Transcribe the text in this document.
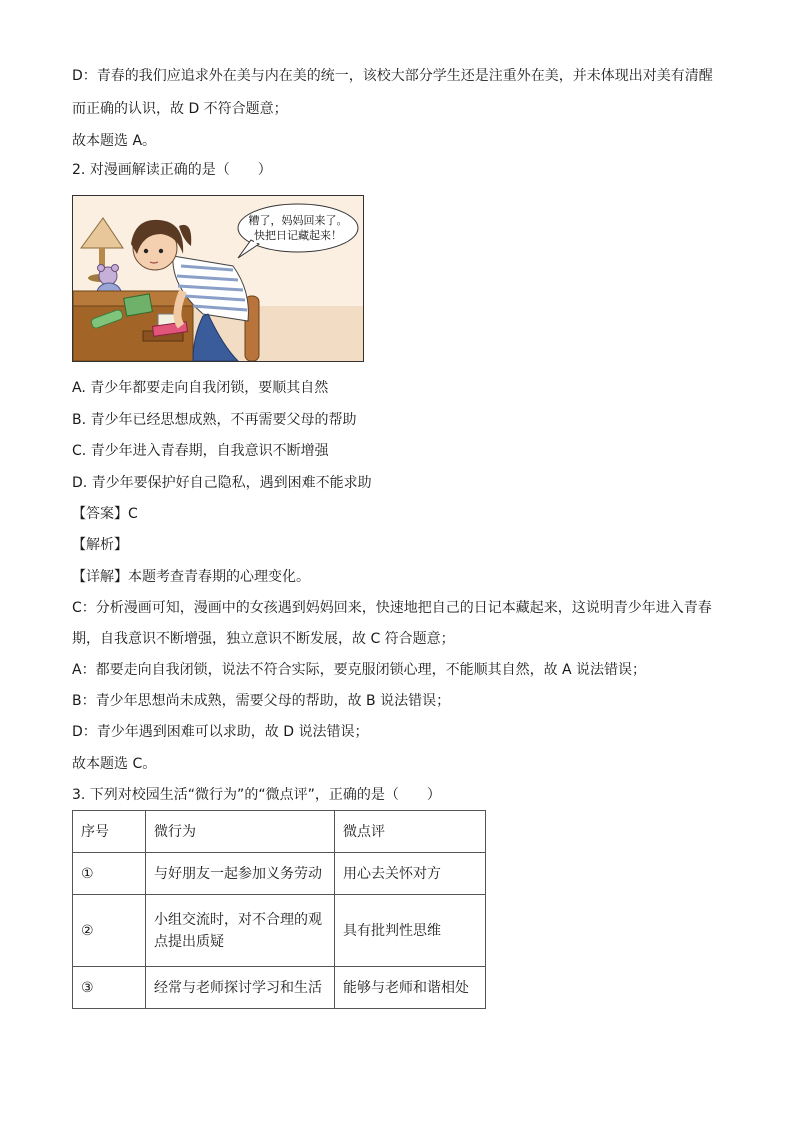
D：青春的我们应追求外在美与内在美的统一，该校大部分学生还是注重外在美，并未体现出对美有清醒
而正确的认识，故 D 不符合题意；
故本题选 A。
2. 对漫画解读正确的是（　　）
糟了，妈妈回来了。
快把日记藏起来！
A. 青少年都要走向自我闭锁，要顺其自然
B. 青少年已经思想成熟，不再需要父母的帮助
C. 青少年进入青春期，自我意识不断增强
D. 青少年要保护好自己隐私，遇到困难不能求助
【答案】C
【解析】
【详解】本题考查青春期的心理变化。
C：分析漫画可知，漫画中的女孩遇到妈妈回来，快速地把自己的日记本藏起来，这说明青少年进入青春
期，自我意识不断增强，独立意识不断发展，故 C 符合题意；
A：都要走向自我闭锁，说法不符合实际，要克服闭锁心理，不能顺其自然，故 A 说法错误；
B：青少年思想尚未成熟，需要父母的帮助，故 B 说法错误；
D：青少年遇到困难可以求助，故 D 说法错误；
故本题选 C。
3. 下列对校园生活“微行为”的“微点评”，正确的是（　　）
序号	微行为	微点评
①	与好朋友一起参加义务劳动	用心去关怀对方
②	小组交流时，对不合理的观点提出质疑	具有批判性思维
③	经常与老师探讨学习和生活	能够与老师和谐相处
